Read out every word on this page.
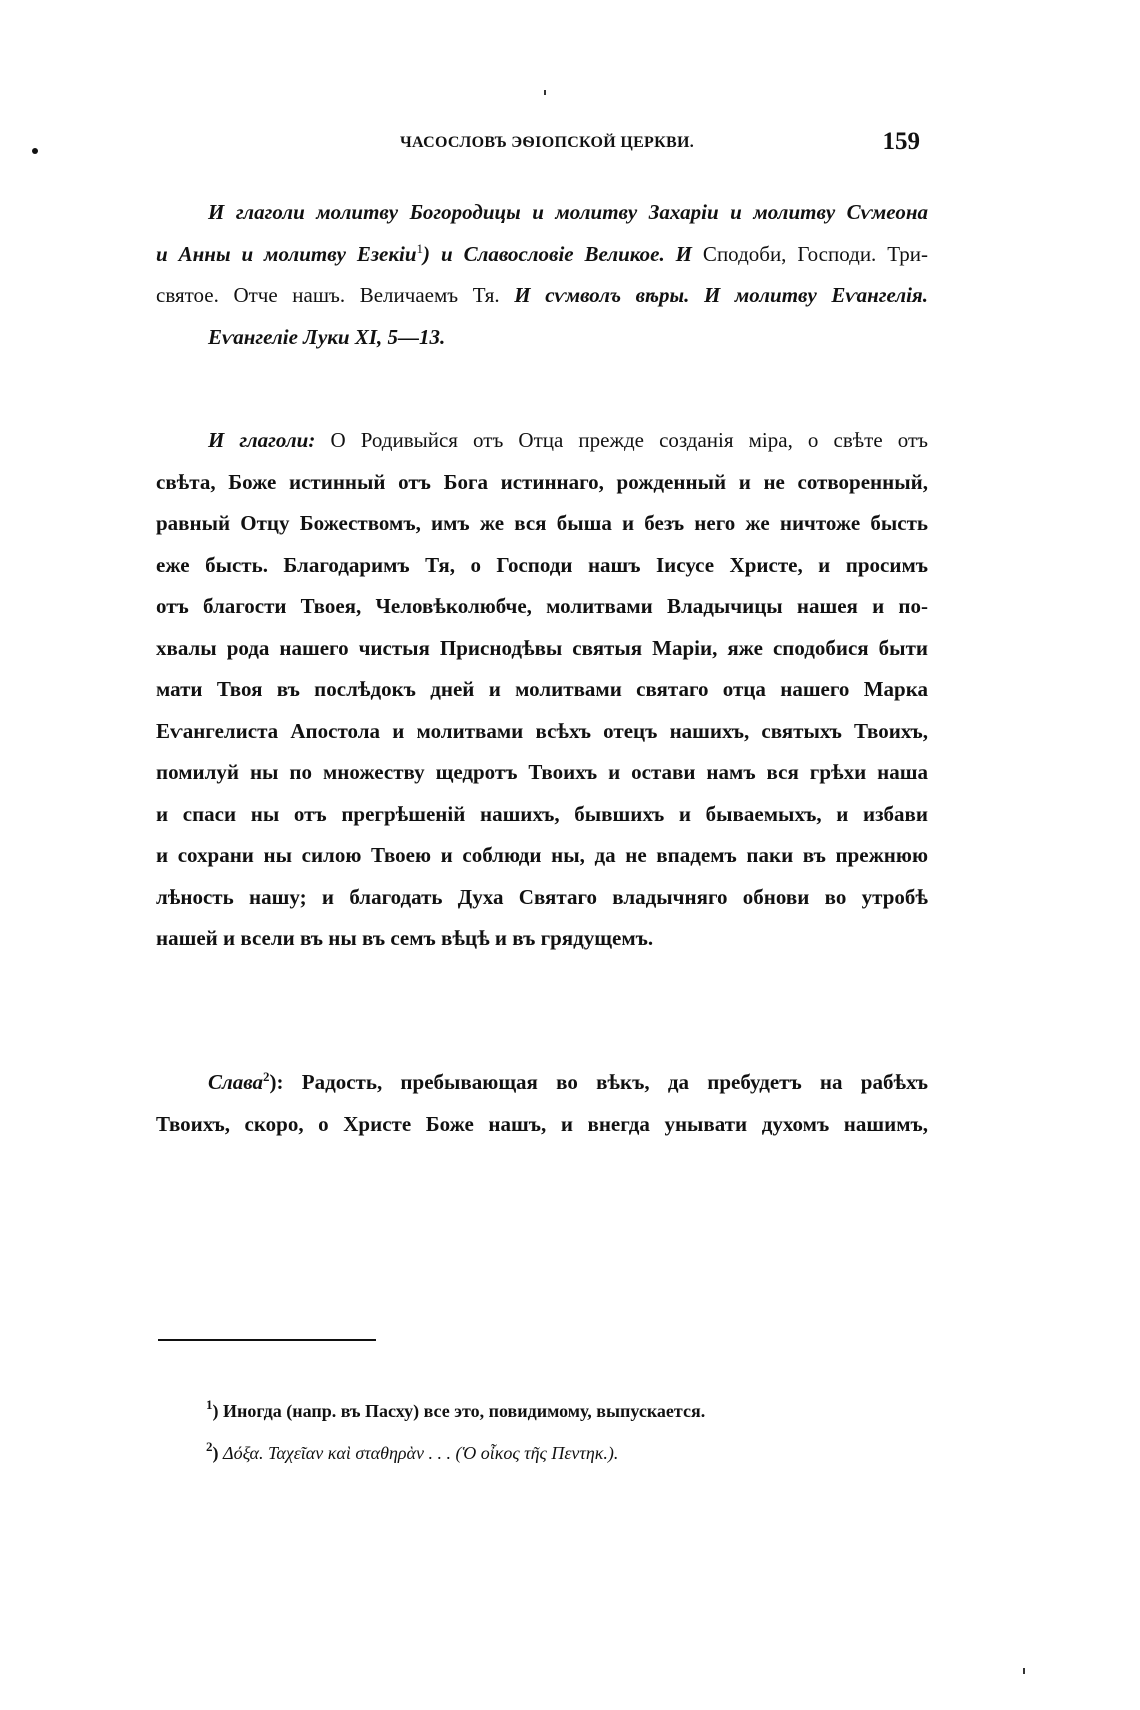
ЧАСОСЛОВЪ ЭѲІОПСКОЙ ЦЕРКВИ.	159
И глаголи молитву Богородицы и молитву Захаріи и молитву Сѵмеона
и Анны и молитву Езекіи$^1$) и Славословіе Великое. И Сподоби, Господи. Три-
святое. Отче нашъ. Величаемъ Тя. И сѵмволъ вѣры. И молитву Еѵангелія.
Еѵангеліе Луки XI, 5—13.
И глаголи: О Родивыйся отъ Отца прежде созданія міра, о свѣте отъ
свѣта, Боже истинный отъ Бога истиннаго, рожденный и не сотворенный,
равный Отцу Божествомъ, имъ же вся быша и безъ него же ничтоже бысть
еже бысть. Благодаримъ Тя, о Господи нашъ Іисусе Христе, и просимъ
отъ благости Твоея, Человѣколюбче, молитвами Владычицы нашея и по-
хвалы рода нашего чистыя Приснодѣвы святыя Маріи, яже сподобися быти
мати Твоя въ послѣдокъ дней и молитвами святаго отца нашего Марка
Еѵангелиста Апостола и молитвами всѣхъ отецъ нашихъ, святыхъ Твоихъ,
помилуй ны по множеству щедротъ Твоихъ и остави намъ вся грѣхи наша
и спаси ны отъ прегрѣшеній нашихъ, бывшихъ и бываемыхъ, и избави
и сохрани ны силою Твоею и соблюди ны, да не впадемъ паки въ прежнюю
лѣность нашу; и благодать Духа Святаго владычняго обнови во утробѣ
нашей и всели въ ны въ семъ вѣцѣ и въ грядущемъ.
Слава$^2$): Радость, пребывающая во вѣкъ, да пребудетъ на рабѣхъ
Твоихъ, скоро, о Христе Боже нашъ, и внегда унывати духомъ нашимъ,
$^1$) Иногда (напр. въ Пасху) все это, повидимому, выпускается.
$^2$) Δόξα. Ταχεῖαν καὶ σταθηρὰν . . . (Ὁ οἶκος τῆς Πεντηκ.).
